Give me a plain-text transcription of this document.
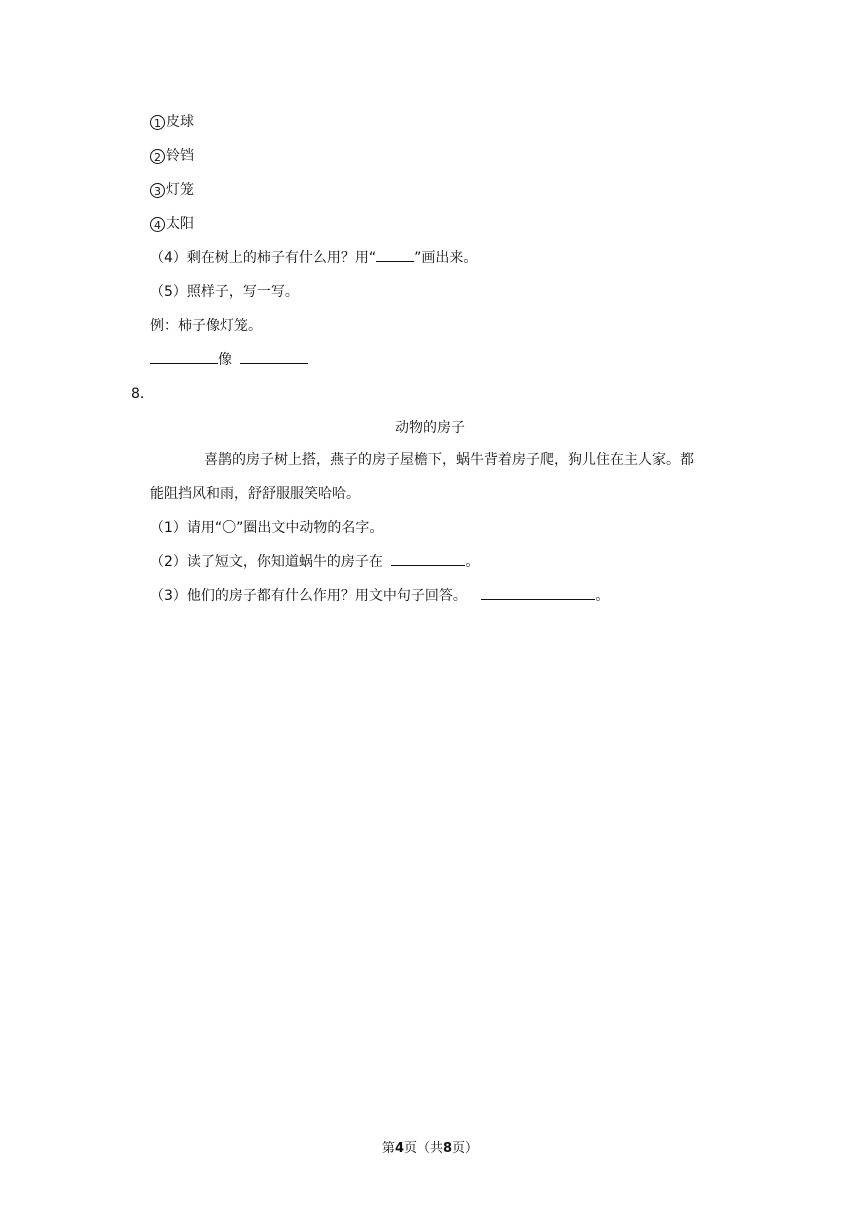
1 皮球
2 铃铛
3 灯笼
4 太阳
（4）剩在树上的柿子有什么用？用“	”画出来。
（5）照样子，写一写。
例：柿子像灯笼。
像
8．
动物的房子
喜鹊的房子树上搭，燕子的房子屋檐下，蜗牛背着房子爬，狗儿住在主人家。都
能阻挡风和雨，舒舒服服笑哈哈。
（1）请用“〇”圈出文中动物的名字。
（2）读了短文，你知道蜗牛的房子在	。
（3）他们的房子都有什么作用？用文中句子回答。	。
第4页（共8页）
